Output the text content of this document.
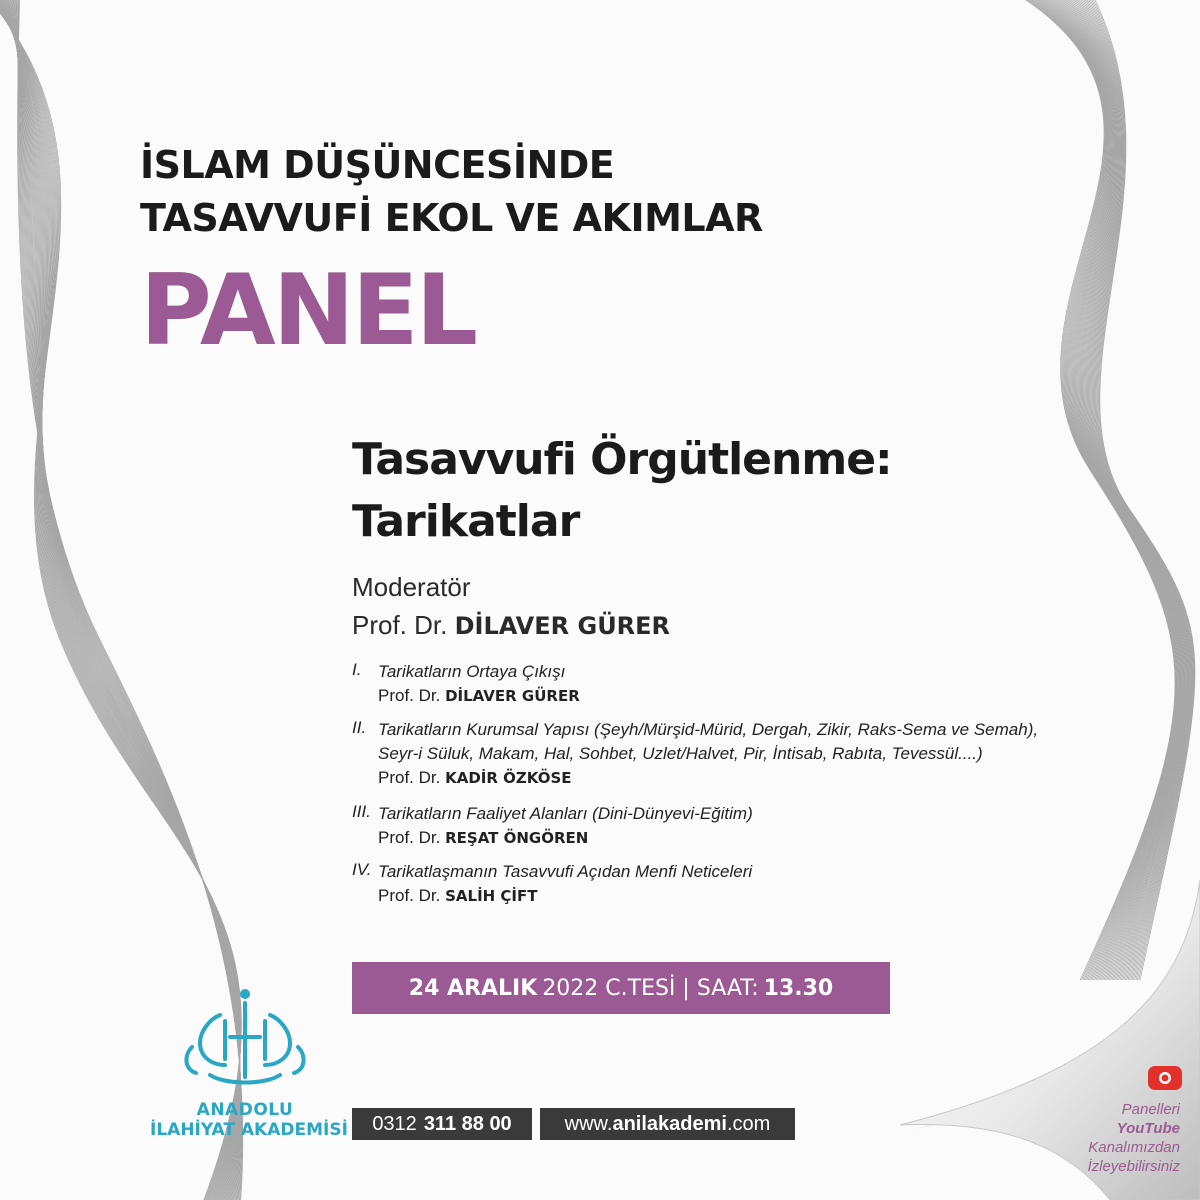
İSLAM DÜŞÜNCESİNDE
TASAVVUFİ EKOL VE AKIMLAR
PANEL
Tasavvufi Örgütlenme:
Tarikatlar
Moderatör
Prof. Dr. DİLAVER GÜRER
I. Tarikatların Ortaya Çıkışı
Prof. Dr. DİLAVER GÜRER
II. Tarikatların Kurumsal Yapısı (Şeyh/Mürşid-Mürid, Dergah, Zikir, Raks-Sema ve Semah),
Seyr-i Süluk, Makam, Hal, Sohbet, Uzlet/Halvet, Pir, İntisab, Rabıta, Tevessül....)
Prof. Dr. KADİR ÖZKÖSE
III. Tarikatların Faaliyet Alanları (Dini-Dünyevi-Eğitim)
Prof. Dr. REŞAT ÖNGÖREN
IV. Tarikatlaşmanın Tasavvufi Açıdan Menfi Neticeleri
Prof. Dr. SALİH ÇİFT
24 ARALIK 2022 C.TESİ | SAAT: 13.30
ANADOLU
İLAHİYAT AKADEMİSİ 0312 311 88 00	www. anilakademi .com
Panelleri
YouTube
Kanalımızdan
İzleyebilirsiniz
